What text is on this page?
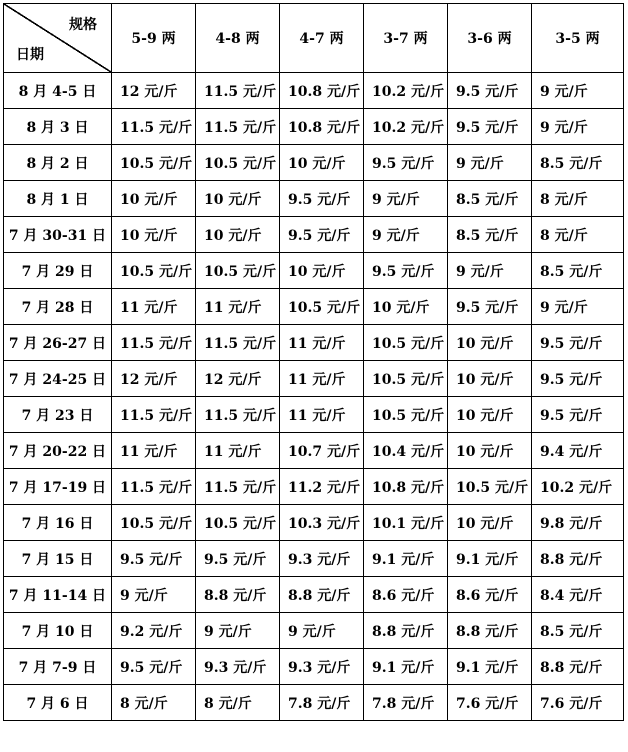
规格
日期	5-9 两	4-8 两	4-7 两	3-7 两	3-6 两	3-5 两
8 月 4-5 日	12 元/斤	11.5 元/斤	10.8 元/斤	10.2 元/斤	9.5 元/斤	9 元/斤
8 月 3 日	11.5 元/斤	11.5 元/斤	10.8 元/斤	10.2 元/斤	9.5 元/斤	9 元/斤
8 月 2 日	10.5 元/斤	10.5 元/斤	10 元/斤	9.5 元/斤	9 元/斤	8.5 元/斤
8 月 1 日	10 元/斤	10 元/斤	9.5 元/斤	9 元/斤	8.5 元/斤	8 元/斤
7 月 30-31 日	10 元/斤	10 元/斤	9.5 元/斤	9 元/斤	8.5 元/斤	8 元/斤
7 月 29 日	10.5 元/斤	10.5 元/斤	10 元/斤	9.5 元/斤	9 元/斤	8.5 元/斤
7 月 28 日	11 元/斤	11 元/斤	10.5 元/斤	10 元/斤	9.5 元/斤	9 元/斤
7 月 26-27 日	11.5 元/斤	11.5 元/斤	11 元/斤	10.5 元/斤	10 元/斤	9.5 元/斤
7 月 24-25 日	12 元/斤	12 元/斤	11 元/斤	10.5 元/斤	10 元/斤	9.5 元/斤
7 月 23 日	11.5 元/斤	11.5 元/斤	11 元/斤	10.5 元/斤	10 元/斤	9.5 元/斤
7 月 20-22 日	11 元/斤	11 元/斤	10.7 元/斤	10.4 元/斤	10 元/斤	9.4 元/斤
7 月 17-19 日	11.5 元/斤	11.5 元/斤	11.2 元/斤	10.8 元/斤	10.5 元/斤	10.2 元/斤
7 月 16 日	10.5 元/斤	10.5 元/斤	10.3 元/斤	10.1 元/斤	10 元/斤	9.8 元/斤
7 月 15 日	9.5 元/斤	9.5 元/斤	9.3 元/斤	9.1 元/斤	9.1 元/斤	8.8 元/斤
7 月 11-14 日	9 元/斤	8.8 元/斤	8.8 元/斤	8.6 元/斤	8.6 元/斤	8.4 元/斤
7 月 10 日	9.2 元/斤	9 元/斤	9 元/斤	8.8 元/斤	8.8 元/斤	8.5 元/斤
7 月 7-9 日	9.5 元/斤	9.3 元/斤	9.3 元/斤	9.1 元/斤	9.1 元/斤	8.8 元/斤
7 月 6 日	8 元/斤	8 元/斤	7.8 元/斤	7.8 元/斤	7.6 元/斤	7.6 元/斤
